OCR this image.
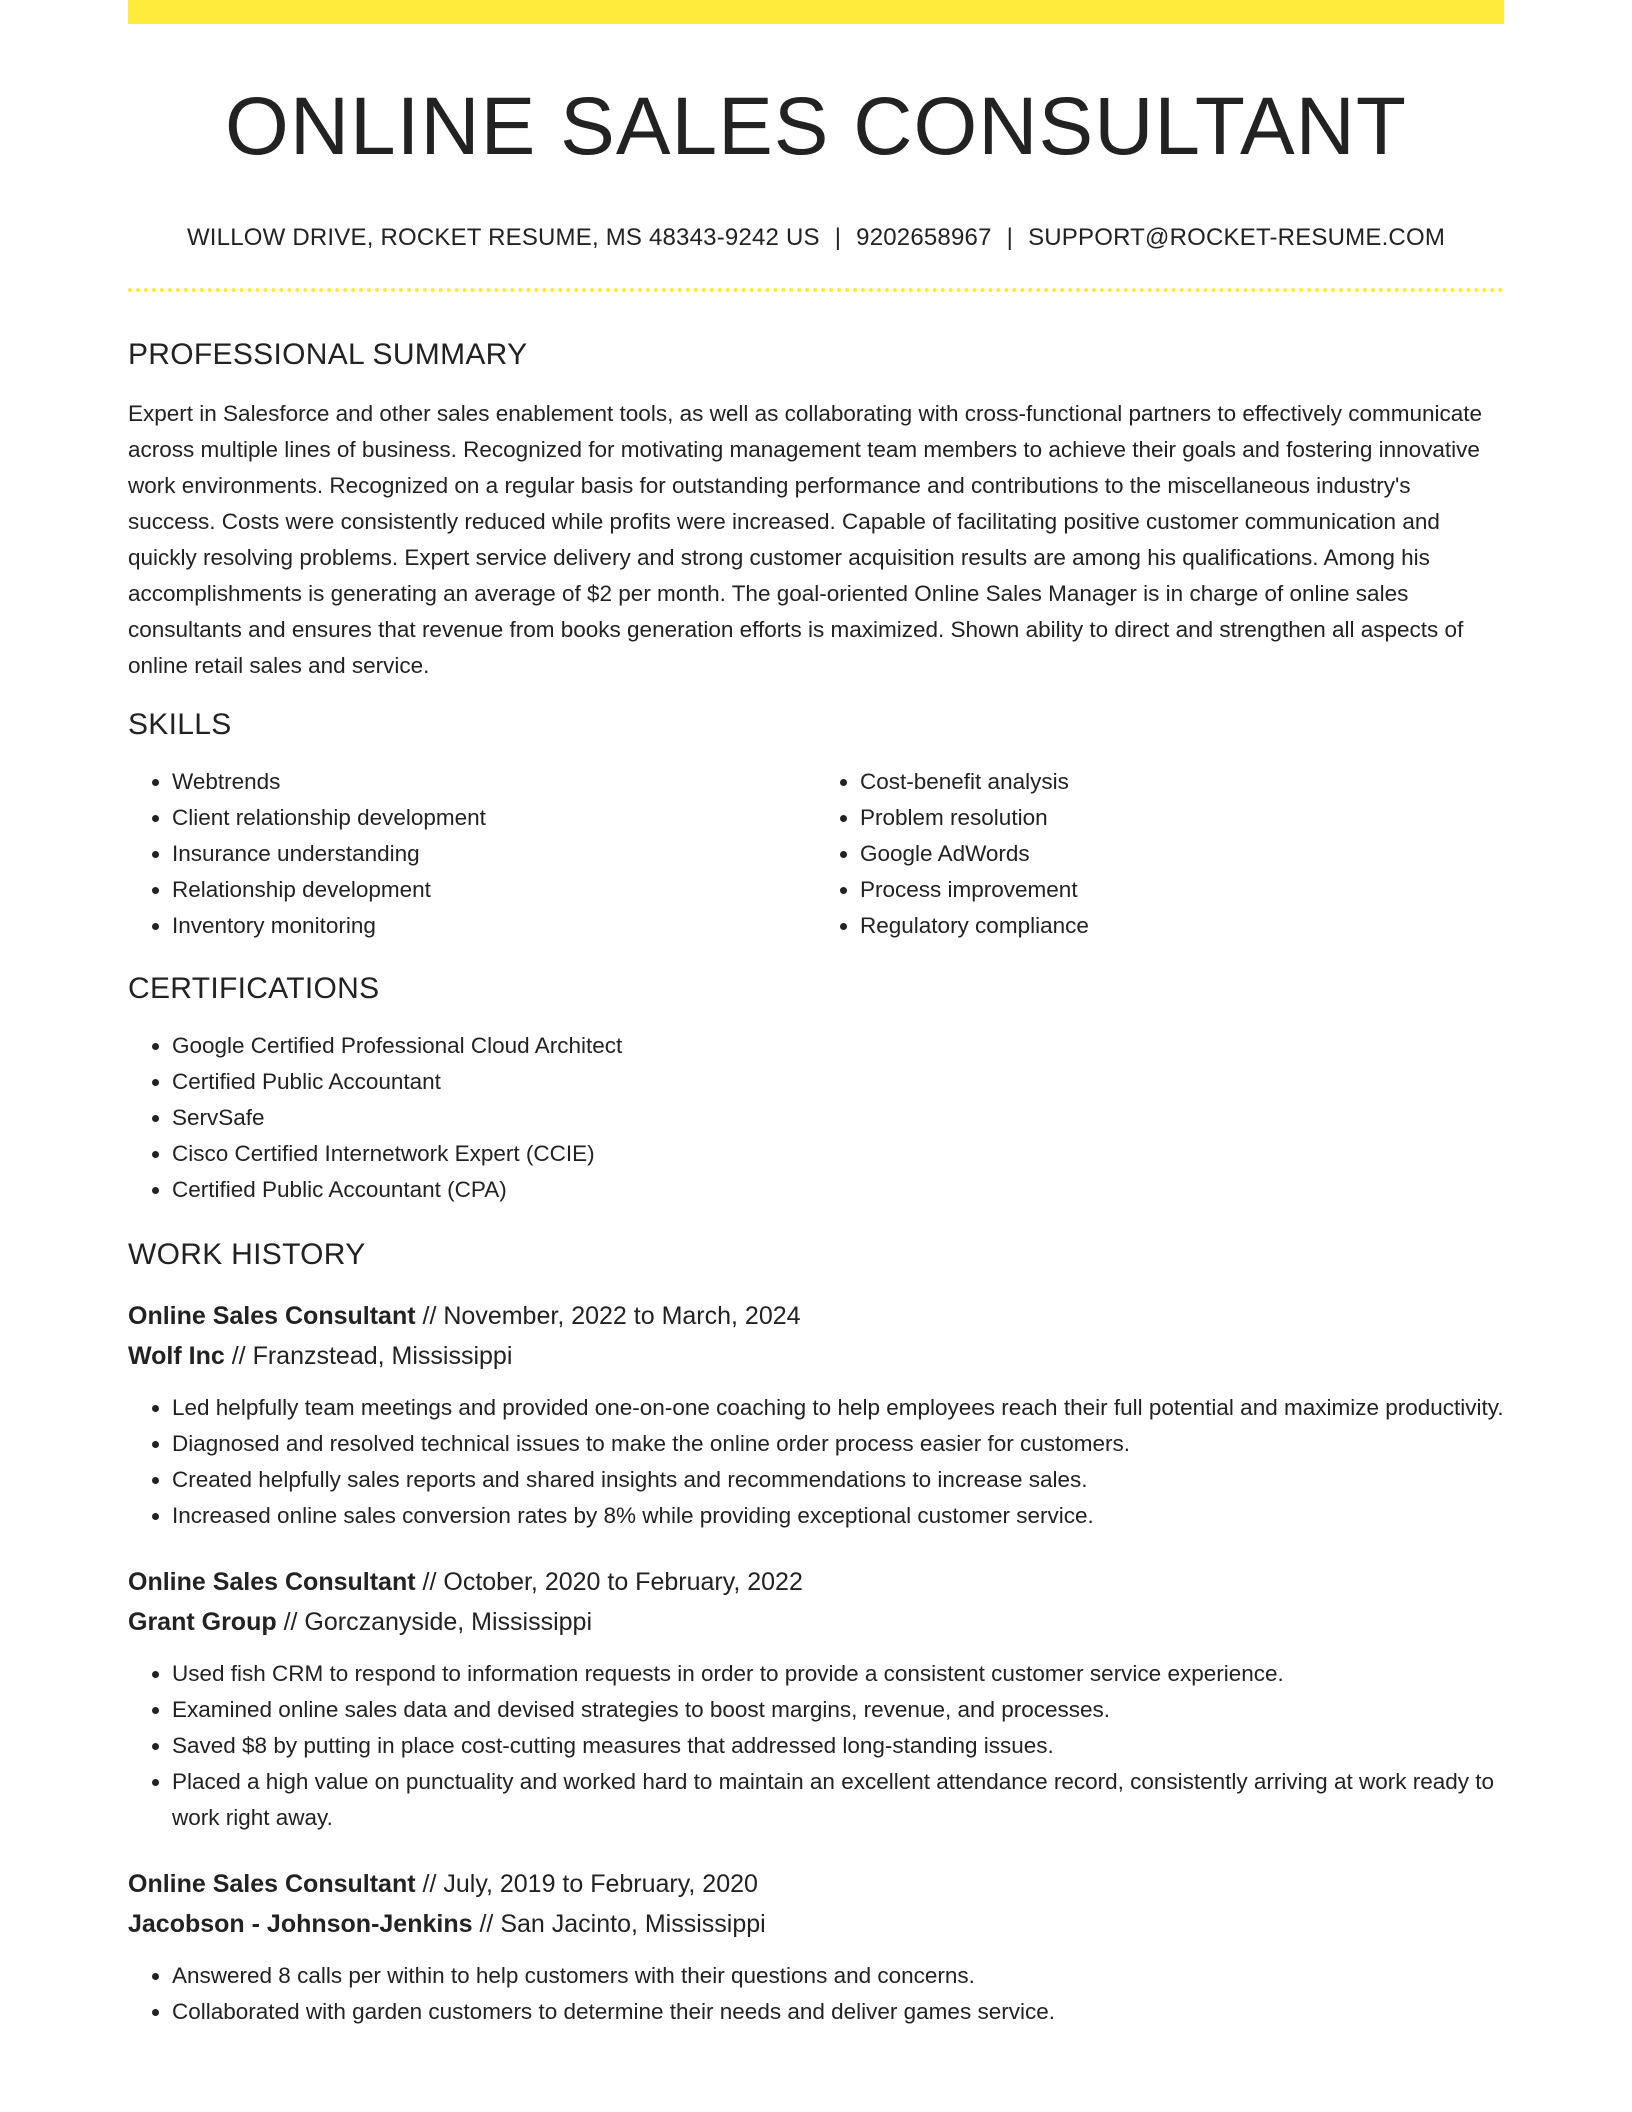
ONLINE SALES CONSULTANT
WILLOW DRIVE, ROCKET RESUME, MS 48343-9242 US | 9202658967 | SUPPORT@ROCKET-RESUME.COM
PROFESSIONAL SUMMARY
Expert in Salesforce and other sales enablement tools, as well as collaborating with cross-functional partners to effectively communicate across multiple lines of business. Recognized for motivating management team members to achieve their goals and fostering innovative work environments. Recognized on a regular basis for outstanding performance and contributions to the miscellaneous industry's success. Costs were consistently reduced while profits were increased. Capable of facilitating positive customer communication and quickly resolving problems. Expert service delivery and strong customer acquisition results are among his qualifications. Among his accomplishments is generating an average of $2 per month. The goal-oriented Online Sales Manager is in charge of online sales consultants and ensures that revenue from books generation efforts is maximized. Shown ability to direct and strengthen all aspects of online retail sales and service.
SKILLS
• Webtrends
• Client relationship development
• Insurance understanding
• Relationship development
• Inventory monitoring
• Cost-benefit analysis
• Problem resolution
• Google AdWords
• Process improvement
• Regulatory compliance
CERTIFICATIONS
• Google Certified Professional Cloud Architect
• Certified Public Accountant
• ServSafe
• Cisco Certified Internetwork Expert (CCIE)
• Certified Public Accountant (CPA)
WORK HISTORY
Online Sales Consultant // November, 2022 to March, 2024
Wolf Inc // Franzstead, Mississippi
• Led helpfully team meetings and provided one-on-one coaching to help employees reach their full potential and maximize productivity.
• Diagnosed and resolved technical issues to make the online order process easier for customers.
• Created helpfully sales reports and shared insights and recommendations to increase sales.
• Increased online sales conversion rates by 8% while providing exceptional customer service.
Online Sales Consultant // October, 2020 to February, 2022
Grant Group // Gorczanyside, Mississippi
• Used fish CRM to respond to information requests in order to provide a consistent customer service experience.
• Examined online sales data and devised strategies to boost margins, revenue, and processes.
• Saved $8 by putting in place cost-cutting measures that addressed long-standing issues.
• Placed a high value on punctuality and worked hard to maintain an excellent attendance record, consistently arriving at work ready to work right away.
Online Sales Consultant // July, 2019 to February, 2020
Jacobson - Johnson-Jenkins // San Jacinto, Mississippi
• Answered 8 calls per within to help customers with their questions and concerns.
• Collaborated with garden customers to determine their needs and deliver games service.
